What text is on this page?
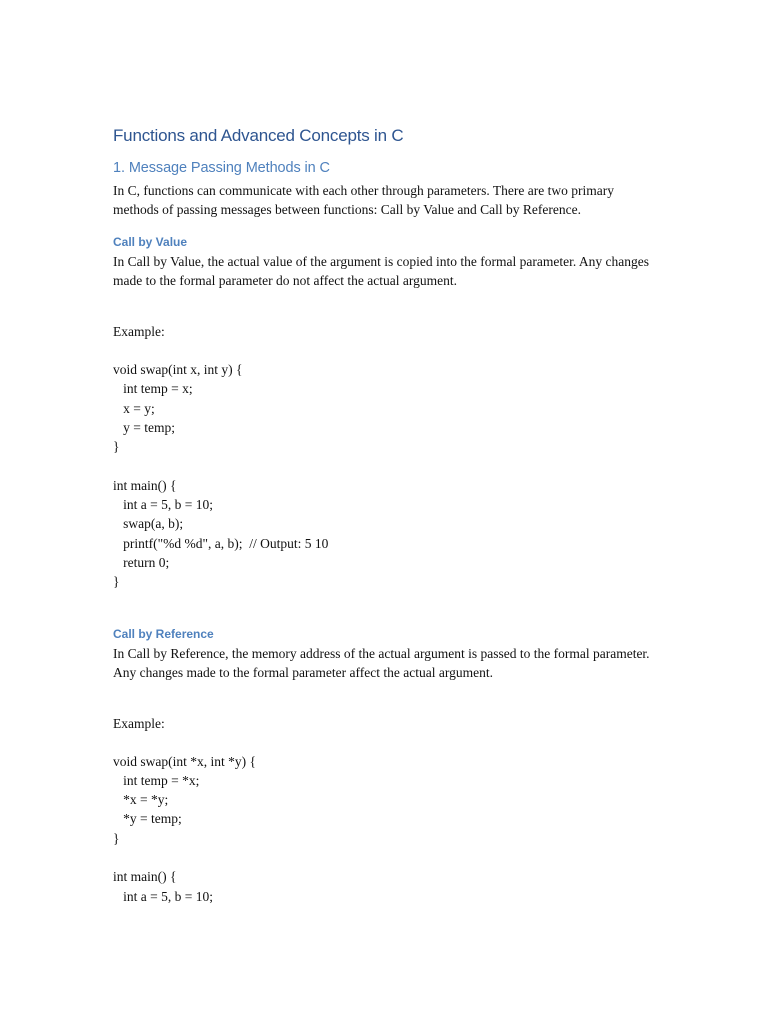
Functions and Advanced Concepts in C
1. Message Passing Methods in C

In C, functions can communicate with each other through parameters. There are two primary methods of passing messages between functions: Call by Value and Call by Reference.

Call by Value

In Call by Value, the actual value of the argument is copied into the formal parameter. Any changes made to the formal parameter do not affect the actual argument.

Example:

void swap(int x, int y) {
int temp = x;
x = y;
y = temp;
}
int main() {
int a = 5, b = 10;
swap(a, b);
printf("%d %d", a, b);  // Output: 5 10
return 0;
}
Call by Reference

In Call by Reference, the memory address of the actual argument is passed to the formal parameter. Any changes made to the formal parameter affect the actual argument.

Example:

void swap(int *x, int *y) {
int temp = *x;
*x = *y;
*y = temp;
}
int main() {
int a = 5, b = 10;
